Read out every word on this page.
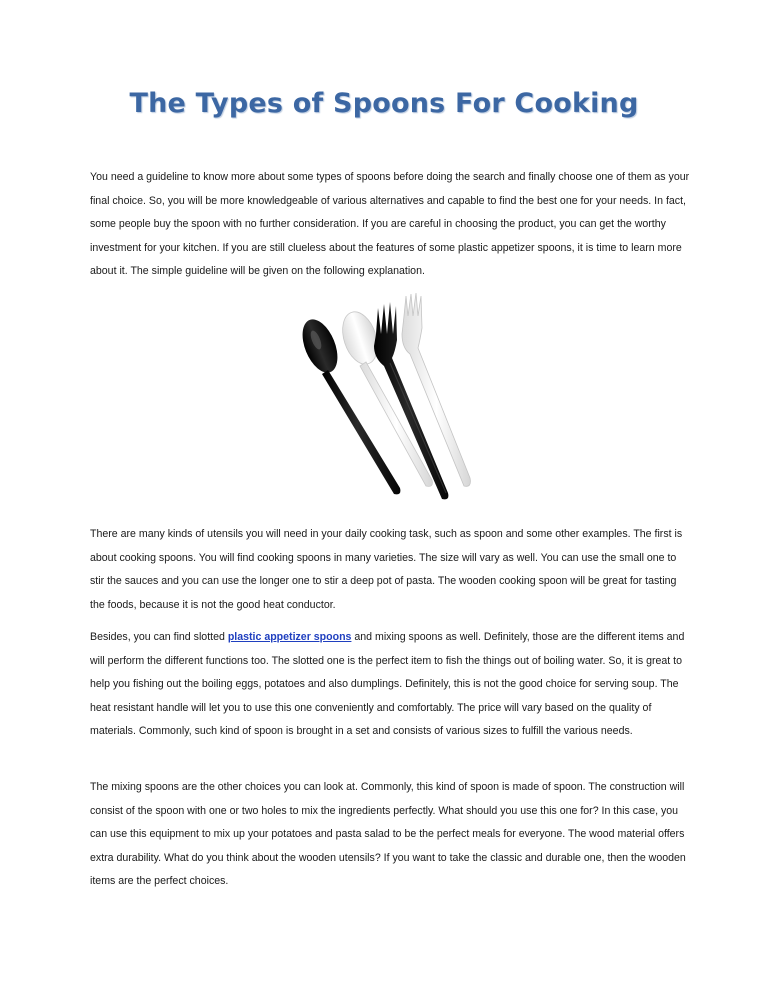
The Types of Spoons For Cooking

You need a guideline to know more about some types of spoons before doing the search and finally choose one of them as your final choice. So, you will be more knowledgeable of various alternatives and capable to find the best one for your needs. In fact, some people buy the spoon with no further consideration. If you are careful in choosing the product, you can get the worthy investment for your kitchen. If you are still clueless about the features of some plastic appetizer spoons, it is time to learn more about it. The simple guideline will be given on the following explanation.

There are many kinds of utensils you will need in your daily cooking task, such as spoon and some other examples. The first is about cooking spoons. You will find cooking spoons in many varieties. The size will vary as well. You can use the small one to stir the sauces and you can use the longer one to stir a deep pot of pasta. The wooden cooking spoon will be great for tasting the foods, because it is not the good heat conductor.

Besides, you can find slotted plastic appetizer spoons and mixing spoons as well. Definitely, those are the different items and will perform the different functions too. The slotted one is the perfect item to fish the things out of boiling water. So, it is great to help you fishing out the boiling eggs, potatoes and also dumplings. Definitely, this is not the good choice for serving soup. The heat resistant handle will let you to use this one conveniently and comfortably. The price will vary based on the quality of materials. Commonly, such kind of spoon is brought in a set and consists of various sizes to fulfill the various needs.

The mixing spoons are the other choices you can look at. Commonly, this kind of spoon is made of spoon. The construction will consist of the spoon with one or two holes to mix the ingredients perfectly. What should you use this one for? In this case, you can use this equipment to mix up your potatoes and pasta salad to be the perfect meals for everyone. The wood material offers extra durability. What do you think about the wooden utensils? If you want to take the classic and durable one, then the wooden items are the perfect choices.
